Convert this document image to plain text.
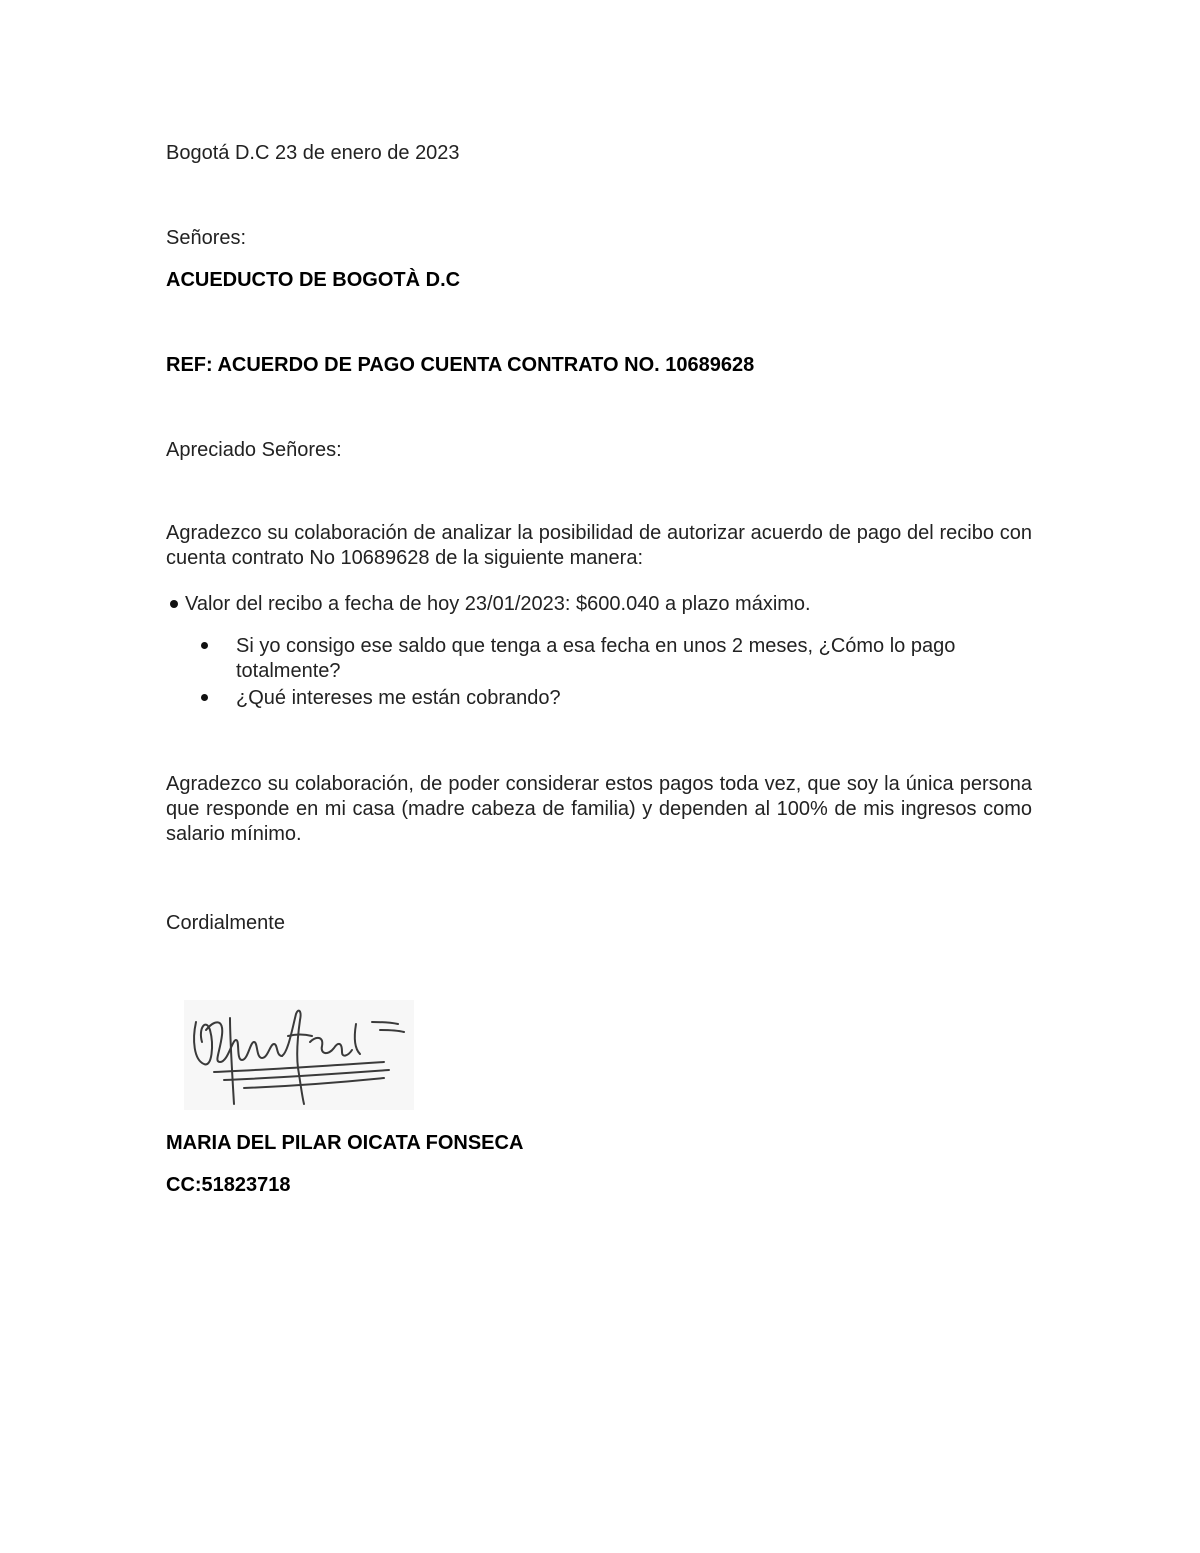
Bogotá D.C 23 de enero de 2023
Señores:
ACUEDUCTO DE BOGOTÀ D.C
REF: ACUERDO DE PAGO CUENTA CONTRATO NO. 10689628
Apreciado Señores:
Agradezco su colaboración de analizar la posibilidad de autorizar acuerdo de pago del recibo con cuenta contrato No 10689628 de la siguiente manera:
Valor del recibo a fecha de hoy 23/01/2023: $600.040 a plazo máximo.
Si yo consigo ese saldo que tenga a esa fecha en unos 2 meses, ¿Cómo lo pago totalmente?
¿Qué intereses me están cobrando?
Agradezco su colaboración, de poder considerar estos pagos toda vez, que soy la única persona que responde en mi casa (madre cabeza de familia) y dependen al 100% de mis ingresos como salario mínimo.
Cordialmente
MARIA DEL PILAR OICATA FONSECA
CC:51823718
